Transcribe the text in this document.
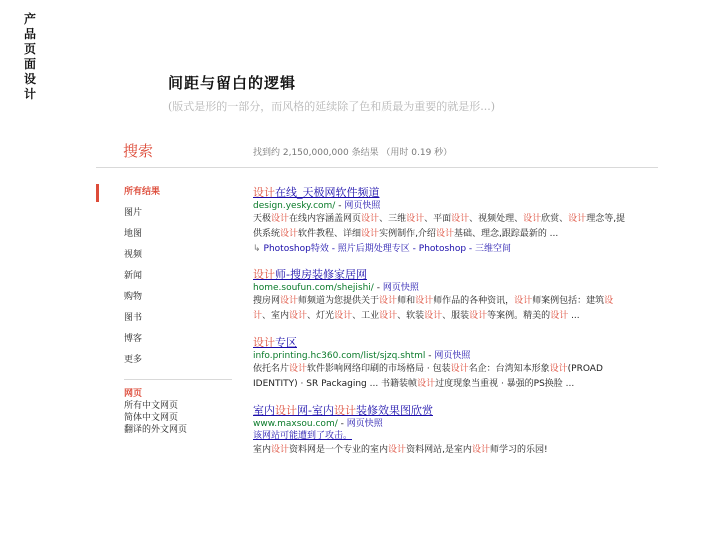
产品页面设计
间距与留白的逻辑
(版式是形的一部分，而风格的延续除了色和质最为重要的就是形...)
搜索	找到约 2,150,000,000 条结果 （用时 0.19 秒）
所有结果
图片
地图
视频
新闻
购物
图书
博客
更多
网页
所有中文网页
简体中文网页
翻译的外文网页
设计在线_天极网软件频道
design.yesky.com/ - 网页快照
天极设计在线内容涵盖网页设计、三维设计、平面设计、视频处理、设计欣赏、设计理念等,提供系统设计软件教程、详细设计实例制作,介绍设计基础、理念,跟踪最新的 ...
↳ Photoshop特效 - 照片后期处理专区 - Photoshop - 三维空间
设计师-搜房装修家居网
home.soufun.com/shejishi/ - 网页快照
搜房网设计师频道为您提供关于设计师和设计师作品的各种资讯，设计师案例包括：建筑设计、室内设计、灯光设计、工业设计、软装设计、服装设计等案例。精美的设计 ...
设计专区
info.printing.hc360.com/list/sjzq.shtml - 网页快照
依托名片设计软件影响网络印刷的市场格局 · 包装设计名企：台湾知本形象设计(PROAD IDENTITY) · SR Packaging ... 书籍装帧设计过度现象当重视 · 暴强的PS换脸 ...
室内设计网-室内设计装修效果图欣赏
www.maxsou.com/ - 网页快照
该网站可能遭到了攻击。
室内设计资料网是一个专业的室内设计资料网站,是室内设计师学习的乐园!
